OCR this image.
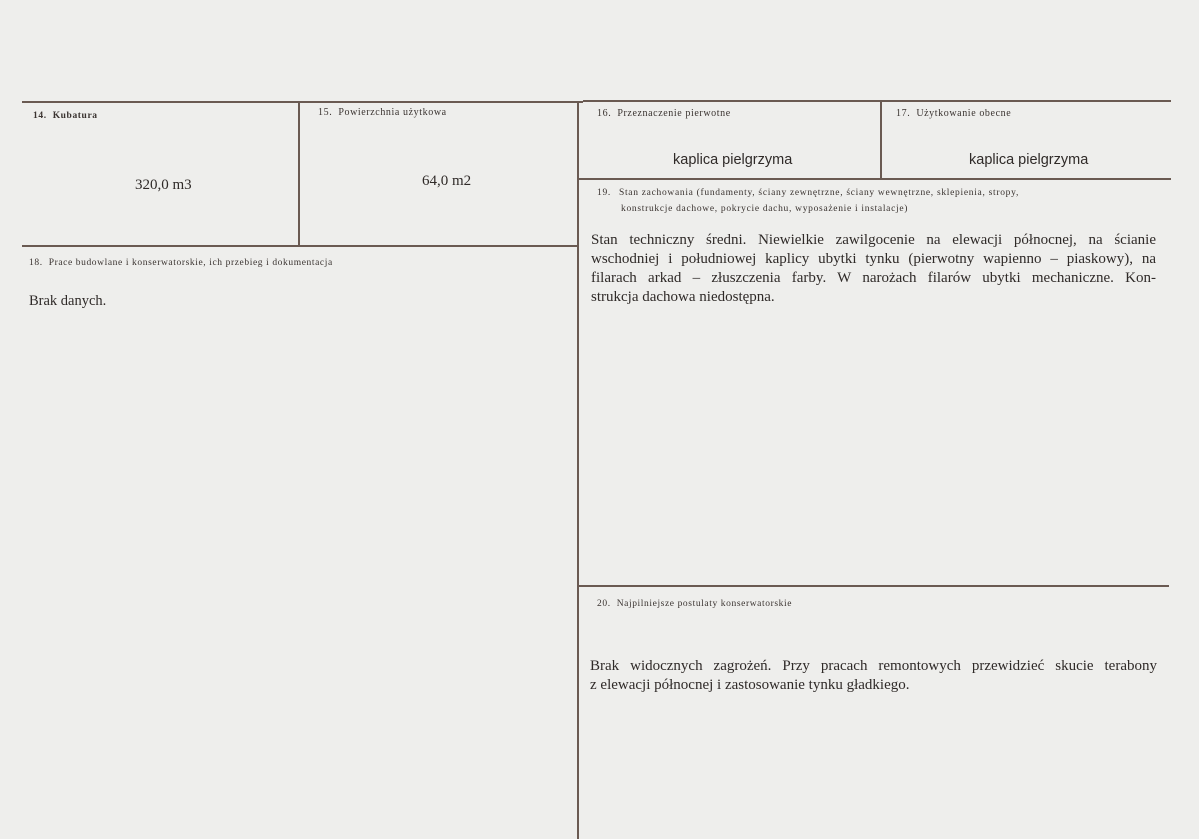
14. Kubatura
320,0 m3
15. Powierzchnia użytkowa
64,0 m2
16. Przeznaczenie pierwotne
kaplica pielgrzyma
17. Użytkowanie obecne
kaplica pielgrzyma
18. Prace budowlane i konserwatorskie, ich przebieg i dokumentacja
Brak danych.
19. Stan zachowania (fundamenty, ściany zewnętrzne, ściany wewnętrzne, sklepienia, stropy,
konstrukcje dachowe, pokrycie dachu, wyposażenie i instalacje)
Stan techniczny średni. Niewielkie zawilgocenie na elewacji północnej, na ścianie
wschodniej i południowej kaplicy ubytki tynku (pierwotny wapienno – piaskowy), na
filarach arkad – złuszczenia farby. W narożach filarów ubytki mechaniczne. Kon-
strukcja dachowa niedostępna.
20. Najpilniejsze postulaty konserwatorskie
Brak widocznych zagrożeń. Przy pracach remontowych przewidzieć skucie terabony
z elewacji północnej i zastosowanie tynku gładkiego.
